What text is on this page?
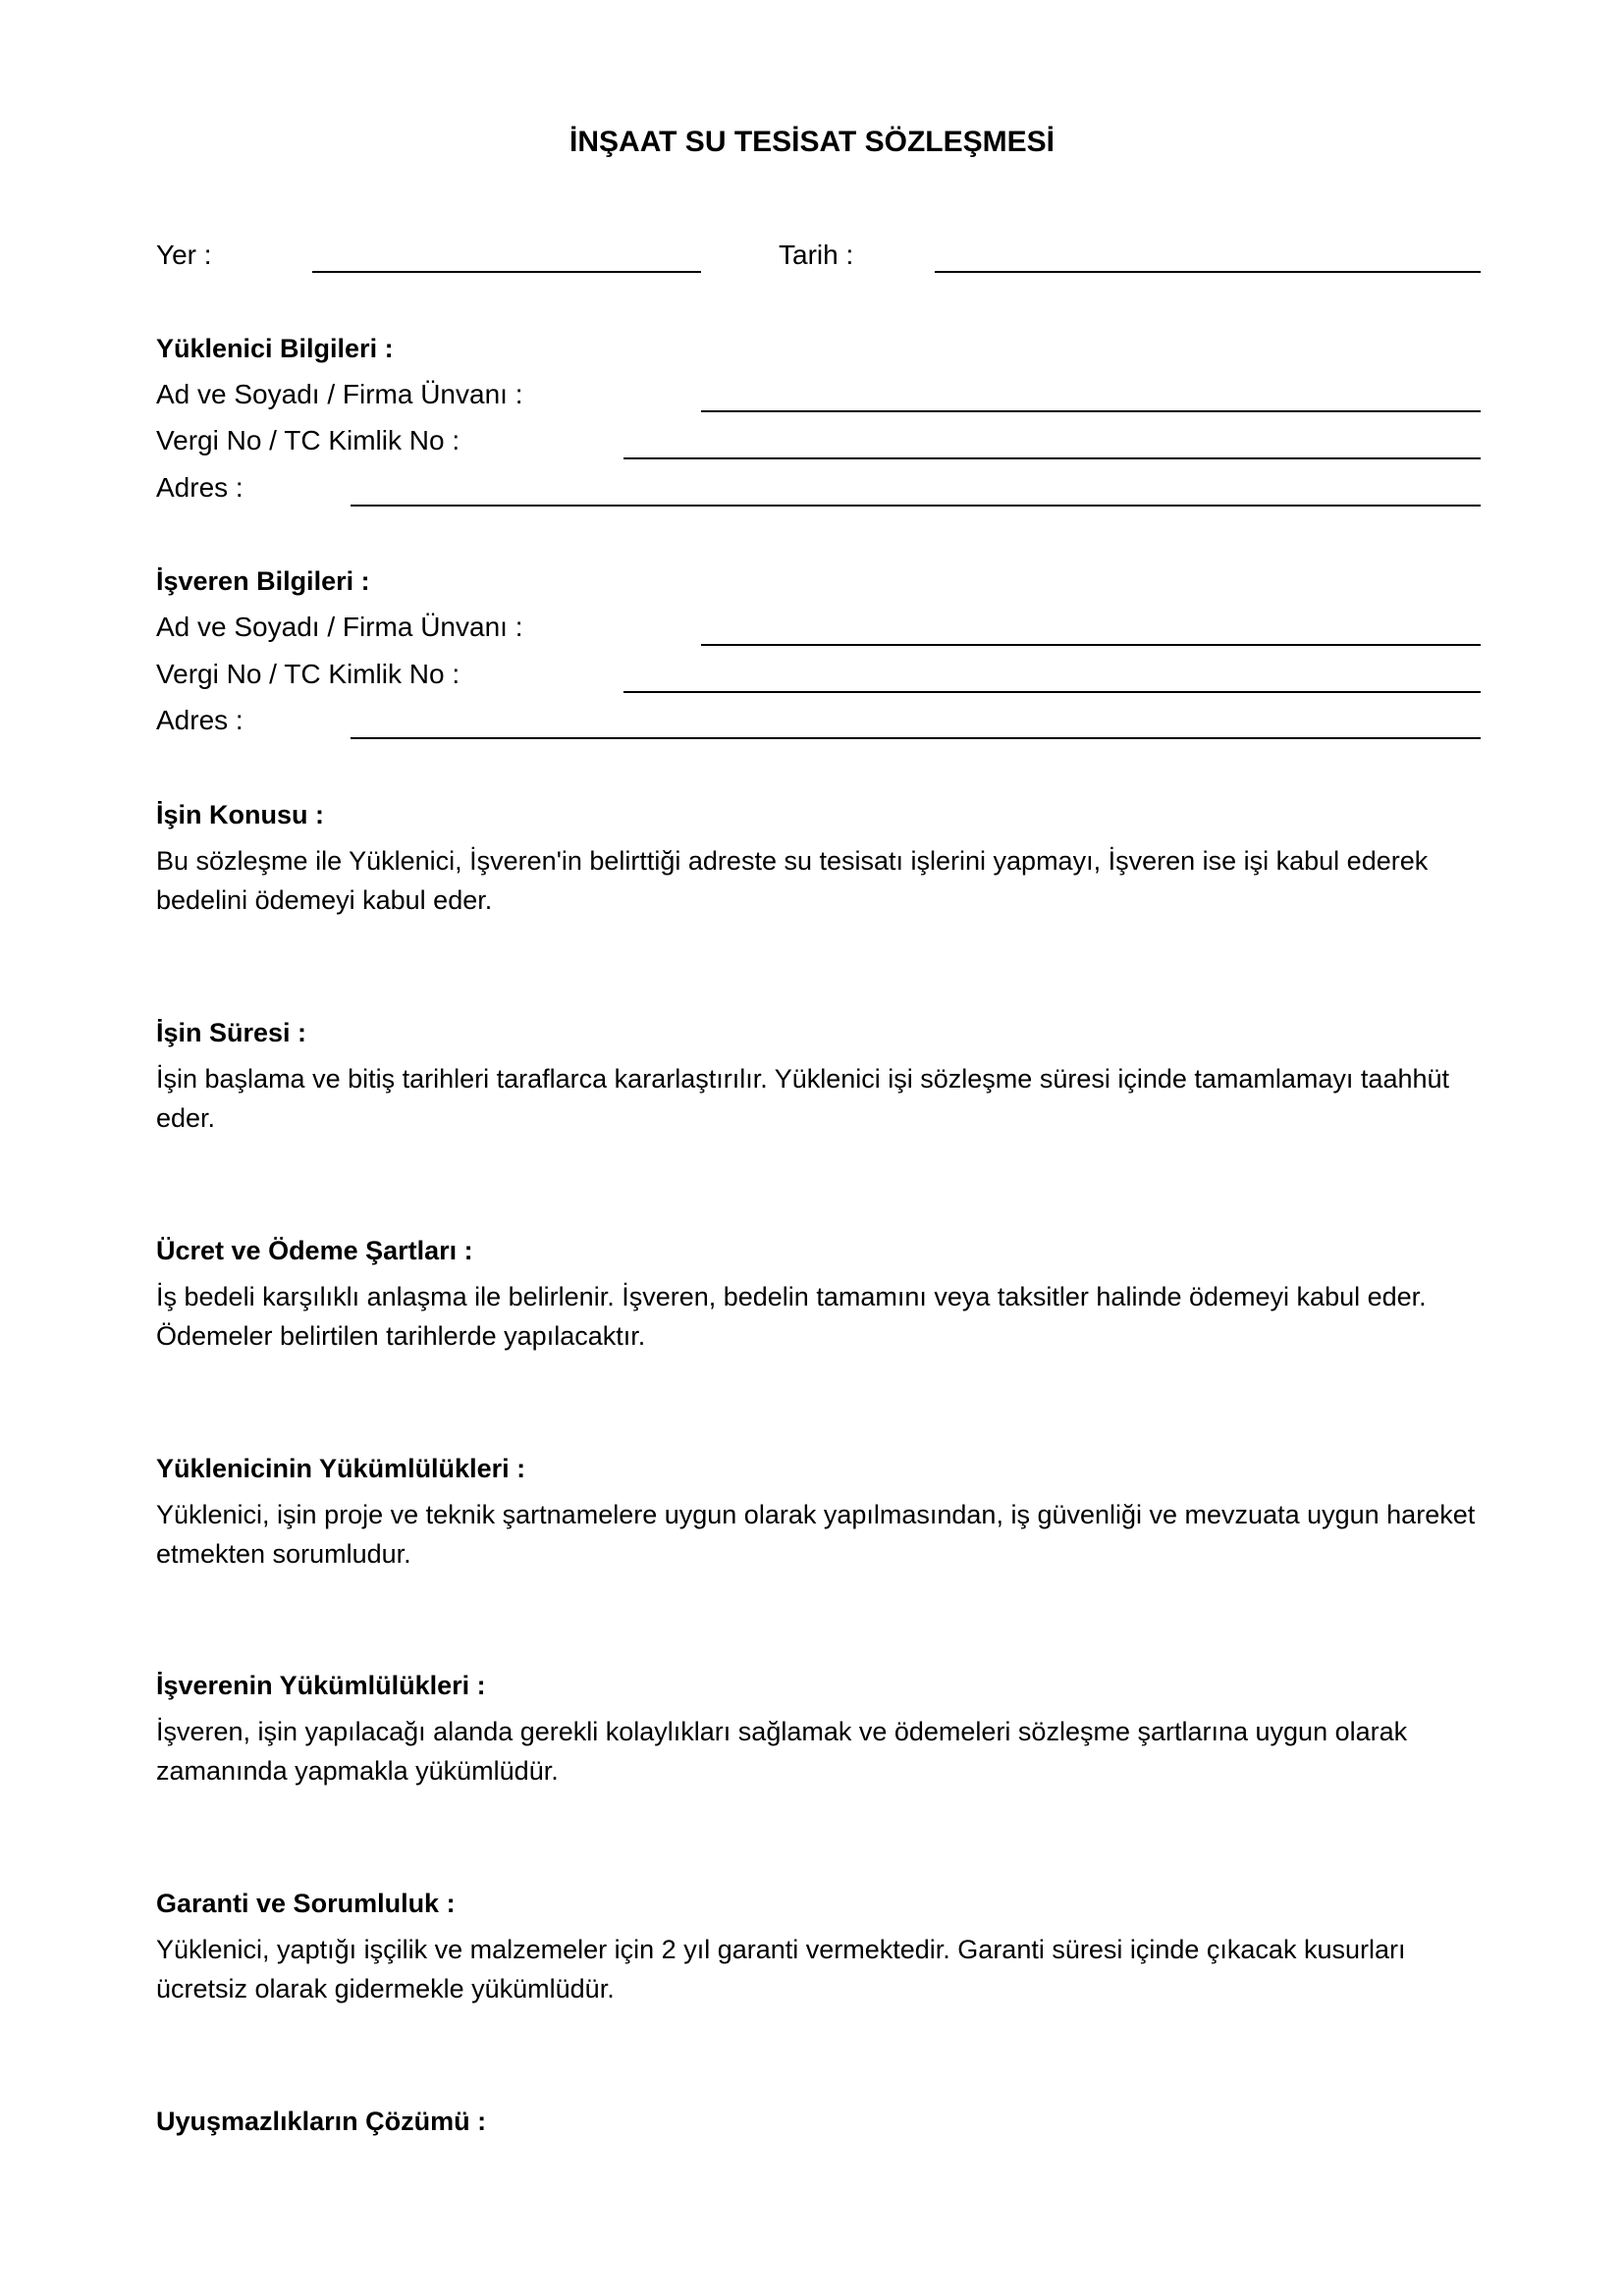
İNŞAAT SU TESİSAT SÖZLEŞMESİ
Yer :	Tarih :
Yüklenici Bilgileri :
Ad ve Soyadı / Firma Ünvanı :
Vergi No / TC Kimlik No :
Adres :
İşveren Bilgileri :
Ad ve Soyadı / Firma Ünvanı :
Vergi No / TC Kimlik No :
Adres :
İşin Konusu :
Bu sözleşme ile Yüklenici, İşveren'in belirttiği adreste su tesisatı işlerini yapmayı, İşveren ise işi kabul ederek bedelini ödemeyi kabul eder.
İşin Süresi :
İşin başlama ve bitiş tarihleri taraflarca kararlaştırılır. Yüklenici işi sözleşme süresi içinde tamamlamayı taahhüt eder.
Ücret ve Ödeme Şartları :
İş bedeli karşılıklı anlaşma ile belirlenir. İşveren, bedelin tamamını veya taksitler halinde ödemeyi kabul eder. Ödemeler belirtilen tarihlerde yapılacaktır.
Yüklenicinin Yükümlülükleri :
Yüklenici, işin proje ve teknik şartnamelere uygun olarak yapılmasından, iş güvenliği ve mevzuata uygun hareket etmekten sorumludur.
İşverenin Yükümlülükleri :
İşveren, işin yapılacağı alanda gerekli kolaylıkları sağlamak ve ödemeleri sözleşme şartlarına uygun olarak zamanında yapmakla yükümlüdür.
Garanti ve Sorumluluk :
Yüklenici, yaptığı işçilik ve malzemeler için 2 yıl garanti vermektedir. Garanti süresi içinde çıkacak kusurları ücretsiz olarak gidermekle yükümlüdür.
Uyuşmazlıkların Çözümü :
